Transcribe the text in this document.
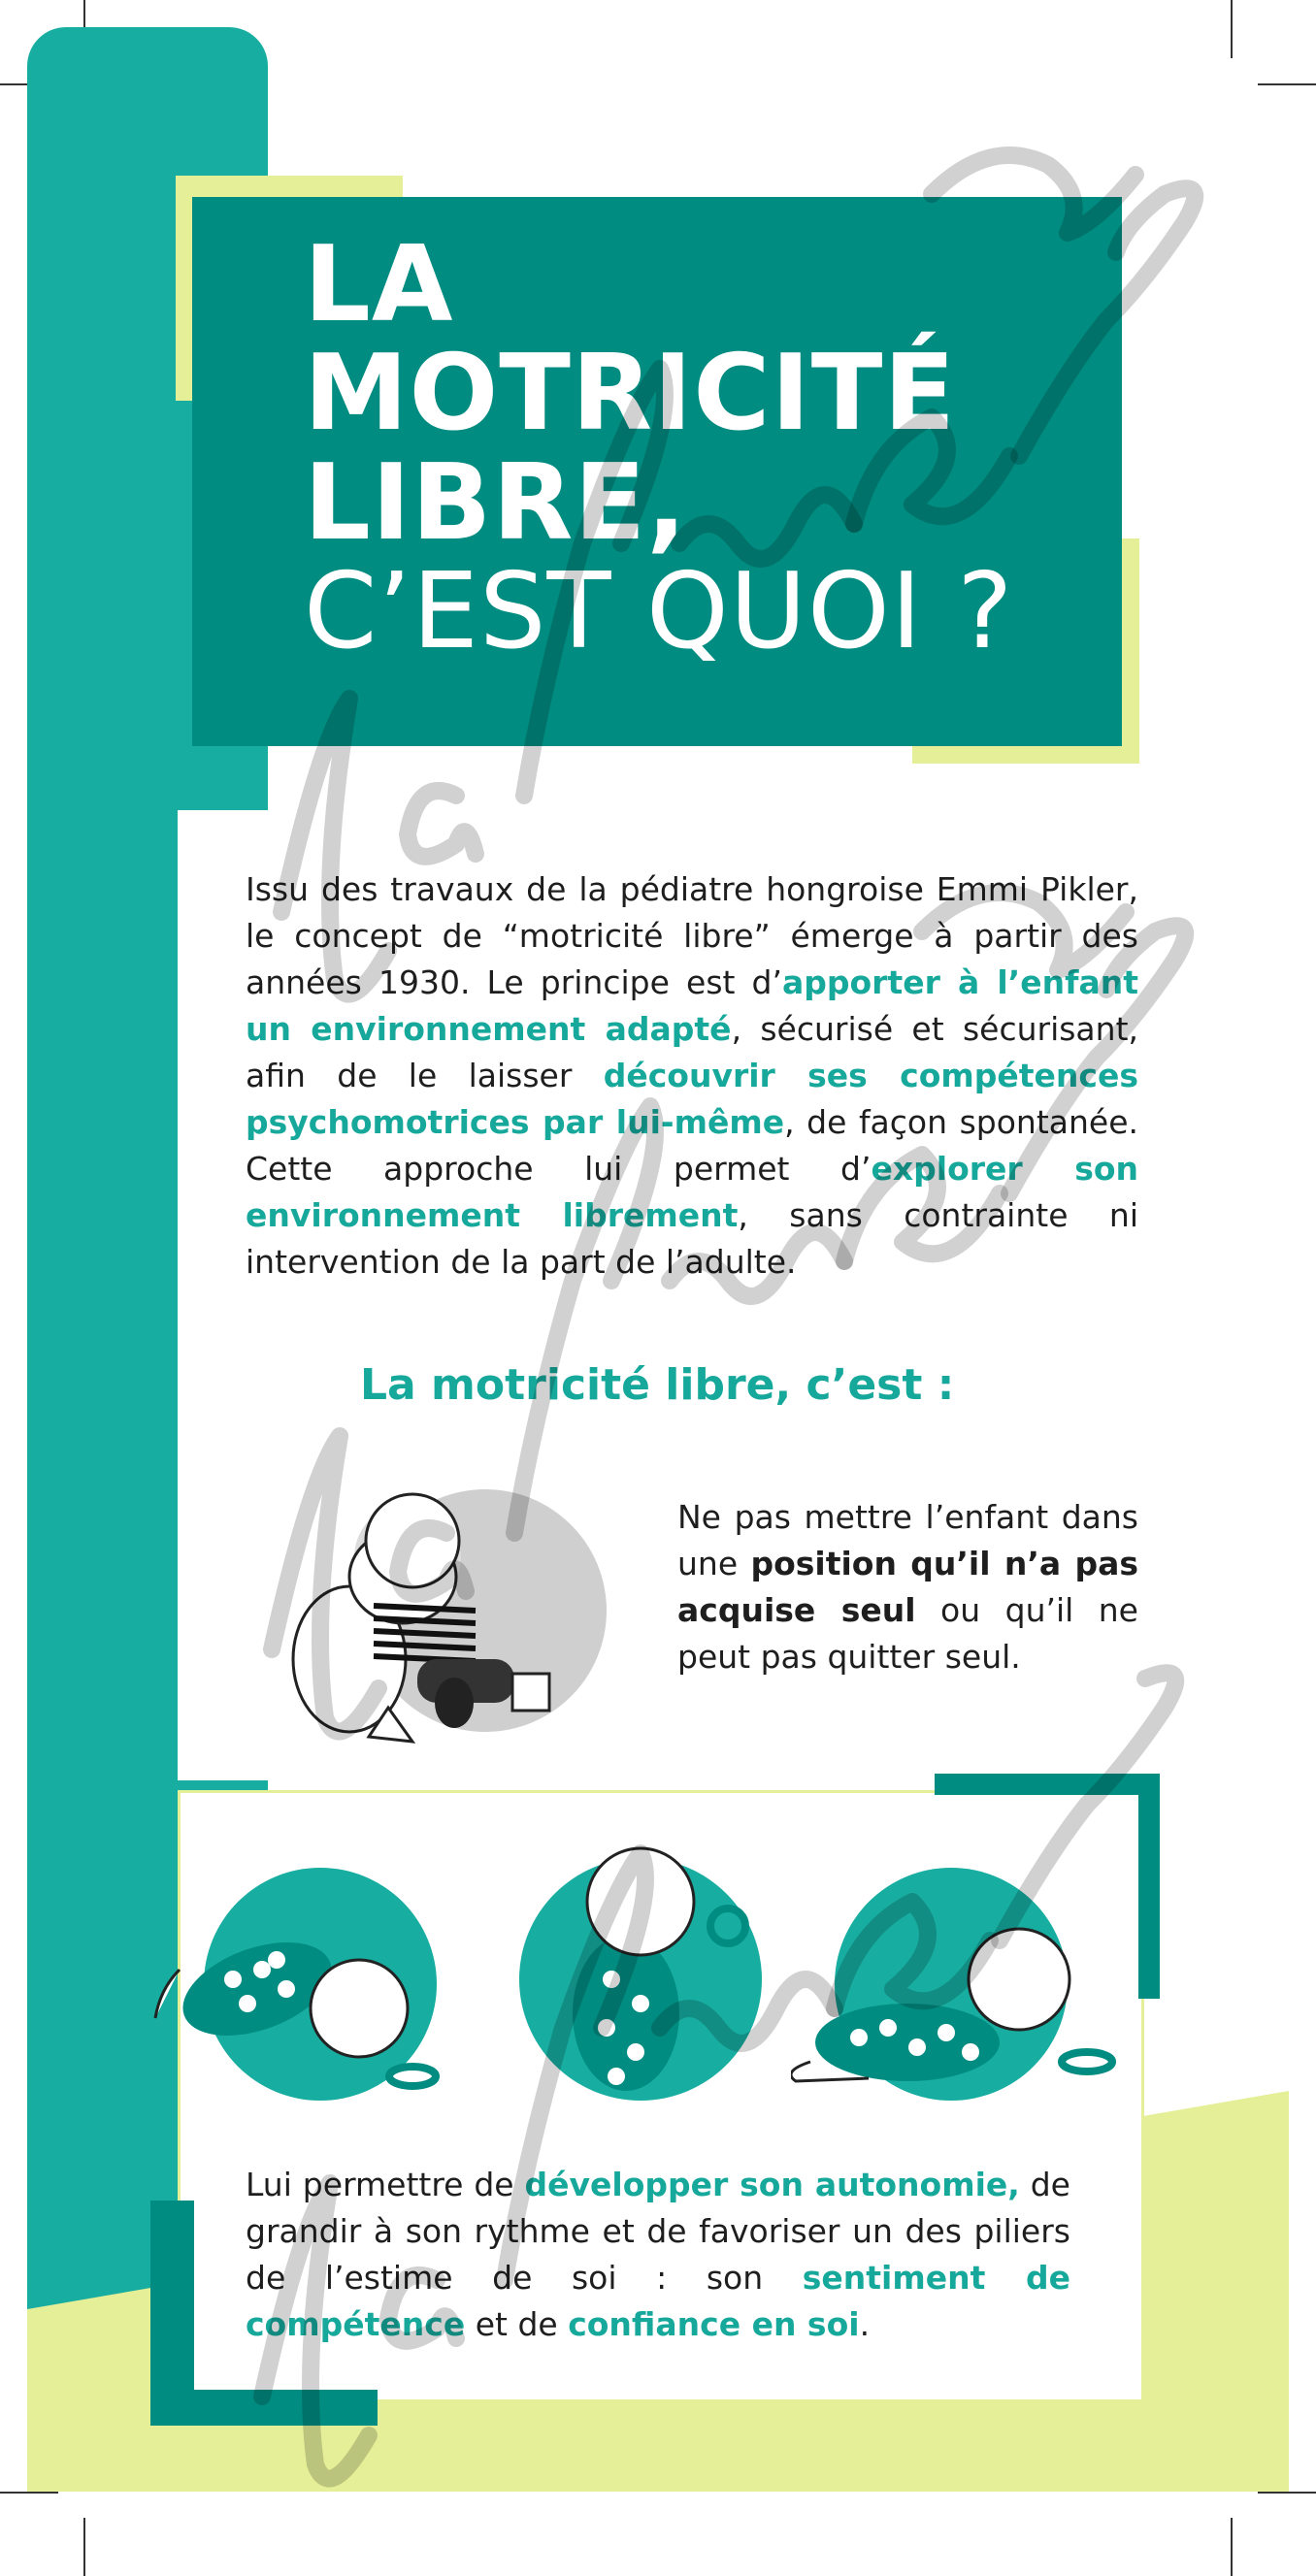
LA
MOTRICITÉ
LIBRE,
C’EST QUOI ?
Issu des travaux de la pédiatre hongroise Emmi Pikler, le concept de “motricité libre” émerge à partir des années 1930. Le principe est d’apporter à l’enfant un environnement adapté, sécurisé et sécurisant, afin de le laisser découvrir ses compétences psychomotrices par lui-même, de façon spontanée. Cette approche lui permet d’explorer son environnement librement, sans contrainte ni intervention de la part de l’adulte.
La motricité libre, c’est :
Ne pas mettre l’enfant dans une position qu’il n’a pas acquise seul ou qu’il ne peut pas quitter seul.
Lui permettre de développer son autonomie, de grandir à son rythme et de favoriser un des piliers de l’estime de soi : son sentiment de compétence et de confiance en soi.
